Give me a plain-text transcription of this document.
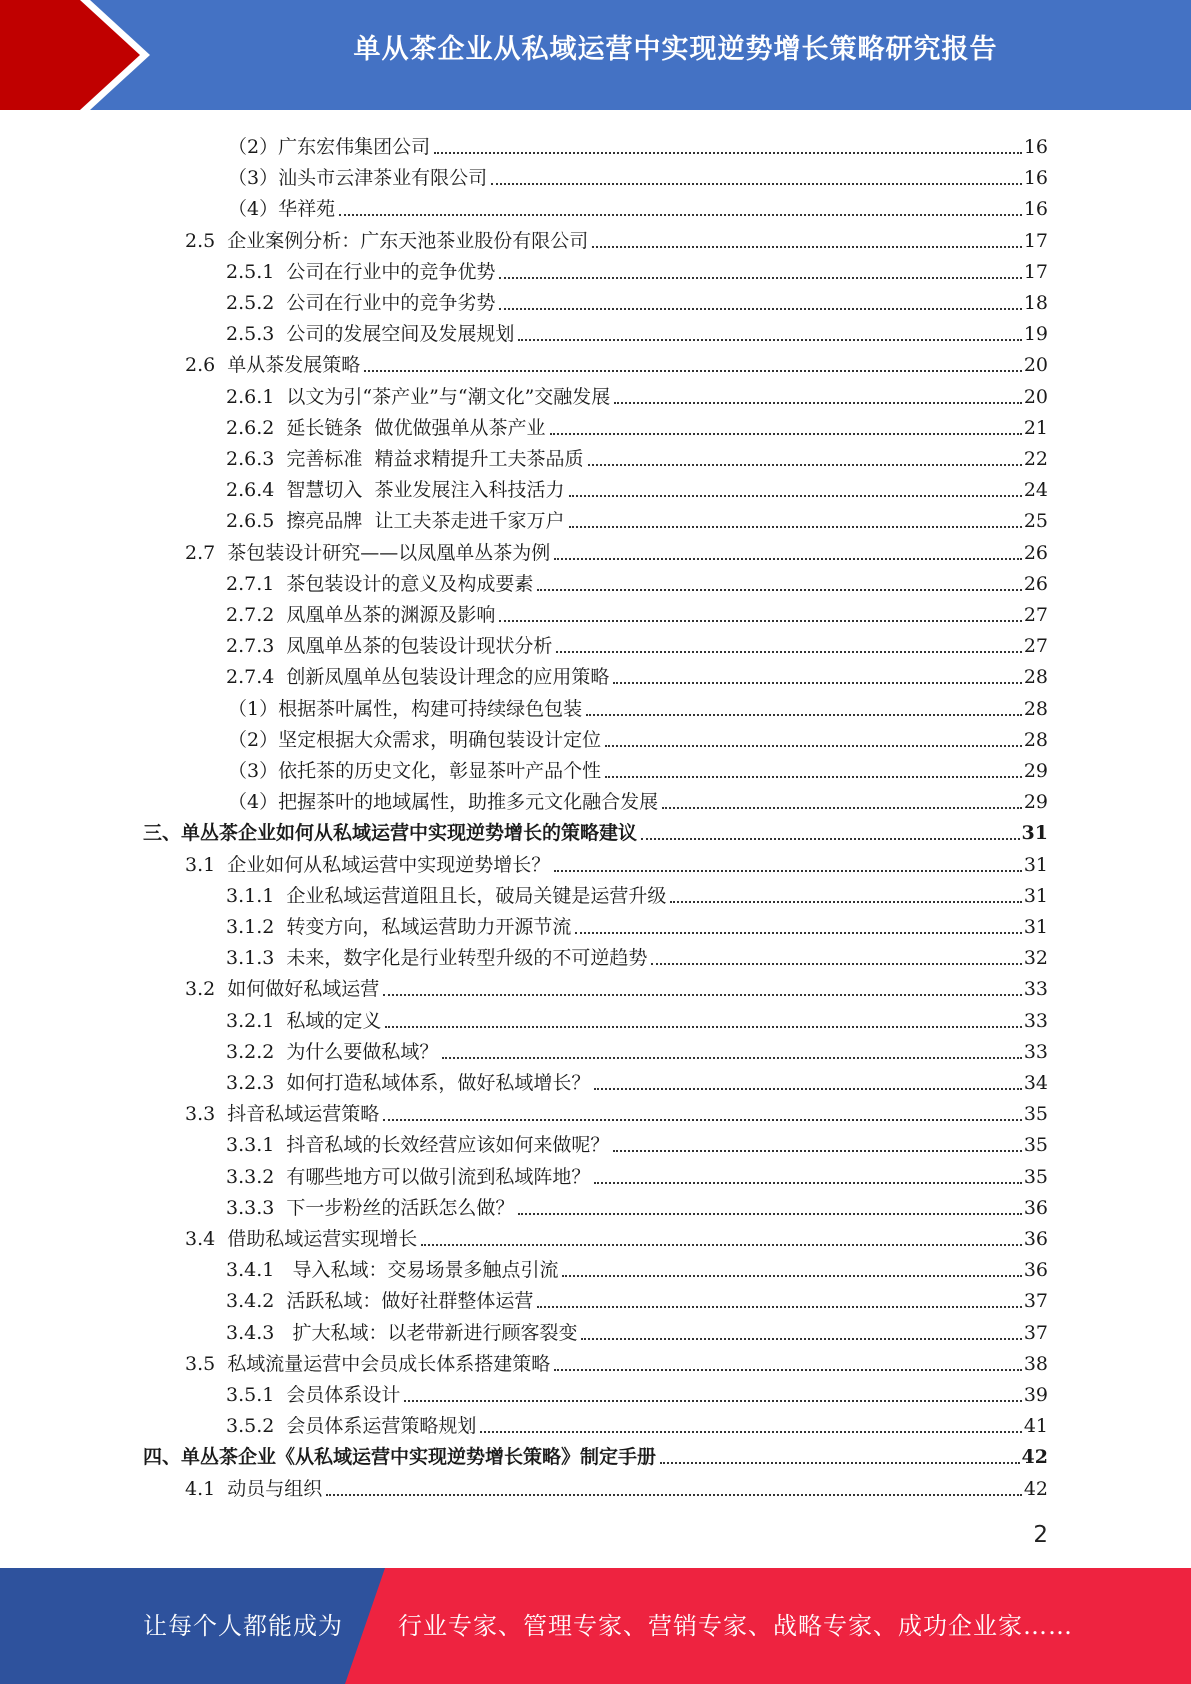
单从茶企业从私域运营中实现逆势增长策略研究报告
（2）广东宏伟集团公司	16
（3）汕头市云津茶业有限公司	16
（4）华祥苑	16
2.5  企业案例分析：广东天池茶业股份有限公司	17
2.5.1  公司在行业中的竞争优势	17
2.5.2  公司在行业中的竞争劣势	18
2.5.3  公司的发展空间及发展规划	19
2.6  单从茶发展策略	20
2.6.1  以文为引“茶产业”与“潮文化”交融发展	20
2.6.2  延长链条  做优做强单从茶产业	21
2.6.3  完善标准  精益求精提升工夫茶品质	22
2.6.4  智慧切入  茶业发展注入科技活力	24
2.6.5  擦亮品牌  让工夫茶走进千家万户	25
2.7  茶包装设计研究——以凤凰单丛茶为例	26
2.7.1  茶包装设计的意义及构成要素	26
2.7.2  凤凰单丛茶的渊源及影响	27
2.7.3  凤凰单丛茶的包装设计现状分析	27
2.7.4  创新凤凰单丛包装设计理念的应用策略	28
（1）根据茶叶属性，构建可持续绿色包装	28
（2）坚定根据大众需求，明确包装设计定位	28
（3）依托茶的历史文化，彰显茶叶产品个性	29
（4）把握茶叶的地域属性，助推多元文化融合发展	29
三、单丛茶企业如何从私域运营中实现逆势增长的策略建议	31
3.1  企业如何从私域运营中实现逆势增长？	31
3.1.1  企业私域运营道阻且长，破局关键是运营升级	31
3.1.2  转变方向，私域运营助力开源节流	31
3.1.3  未来，数字化是行业转型升级的不可逆趋势	32
3.2  如何做好私域运营	33
3.2.1  私域的定义	33
3.2.2  为什么要做私域？	33
3.2.3  如何打造私域体系，做好私域增长？	34
3.3  抖音私域运营策略	35
3.3.1  抖音私域的长效经营应该如何来做呢？	35
3.3.2  有哪些地方可以做引流到私域阵地？	35
3.3.3  下一步粉丝的活跃怎么做？	36
3.4  借助私域运营实现增长	36
3.4.1   导入私域：交易场景多触点引流	36
3.4.2  活跃私域：做好社群整体运营	37
3.4.3   扩大私域：以老带新进行顾客裂变	37
3.5  私域流量运营中会员成长体系搭建策略	38
3.5.1  会员体系设计	39
3.5.2  会员体系运营策略规划	41
四、单丛茶企业《从私域运营中实现逆势增长策略》制定手册	42
4.1  动员与组织	42
2
让每个人都能成为 行业专家、管理专家、营销专家、战略专家、成功企业家……
